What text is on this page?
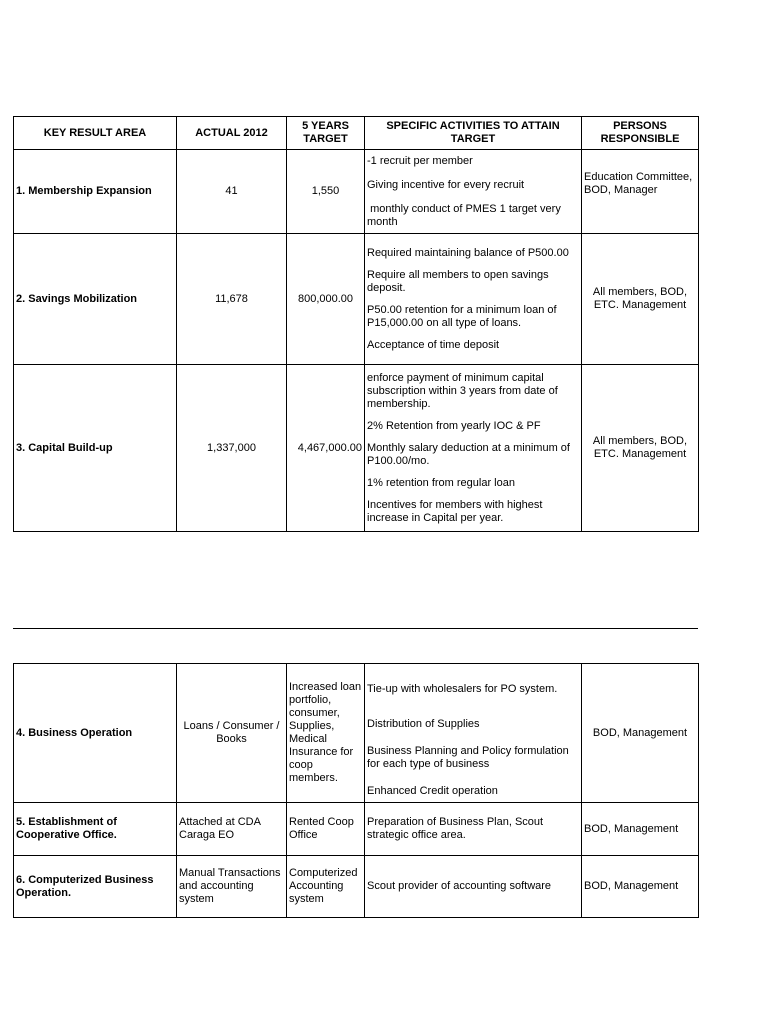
KEY RESULT AREA	ACTUAL 2012	5 YEARS TARGET	SPECIFIC ACTIVITIES TO ATTAIN TARGET	PERSONS RESPONSIBLE
1. Membership Expansion	41	1,550	-1 recruit per member
Giving incentive for every recruit
monthly conduct of PMES 1 target very month	Education Committee, BOD, Manager
2. Savings Mobilization	11,678	800,000.00	Required maintaining balance of P500.00
Require all members to open savings deposit.
P50.00 retention for a minimum loan of P15,000.00 on all type of loans.
Acceptance of time deposit	All members, BOD, ETC. Management
3. Capital Build-up	1,337,000	4,467,000.00	enforce payment of minimum capital subscription within 3 years from date of membership.
2% Retention from yearly IOC & PF
Monthly salary deduction at a minimum of P100.00/mo.
1% retention from regular loan
Incentives for members with highest increase in Capital per year.	All members, BOD, ETC. Management
4. Business Operation	Loans / Consumer / Books	Increased loan portfolio, consumer, Supplies, Medical Insurance for coop members.	Tie-up with wholesalers for PO system.
Distribution of Supplies
Business Planning and Policy formulation for each type of business
Enhanced Credit operation	BOD, Management
5. Establishment of Cooperative Office.	Attached at CDA Caraga EO	Rented Coop Office	Preparation of Business Plan, Scout strategic office area.	BOD, Management
6. Computerized Business Operation.	Manual Transactions and accounting system	Computerized Accounting system	Scout provider of accounting software	BOD, Management
